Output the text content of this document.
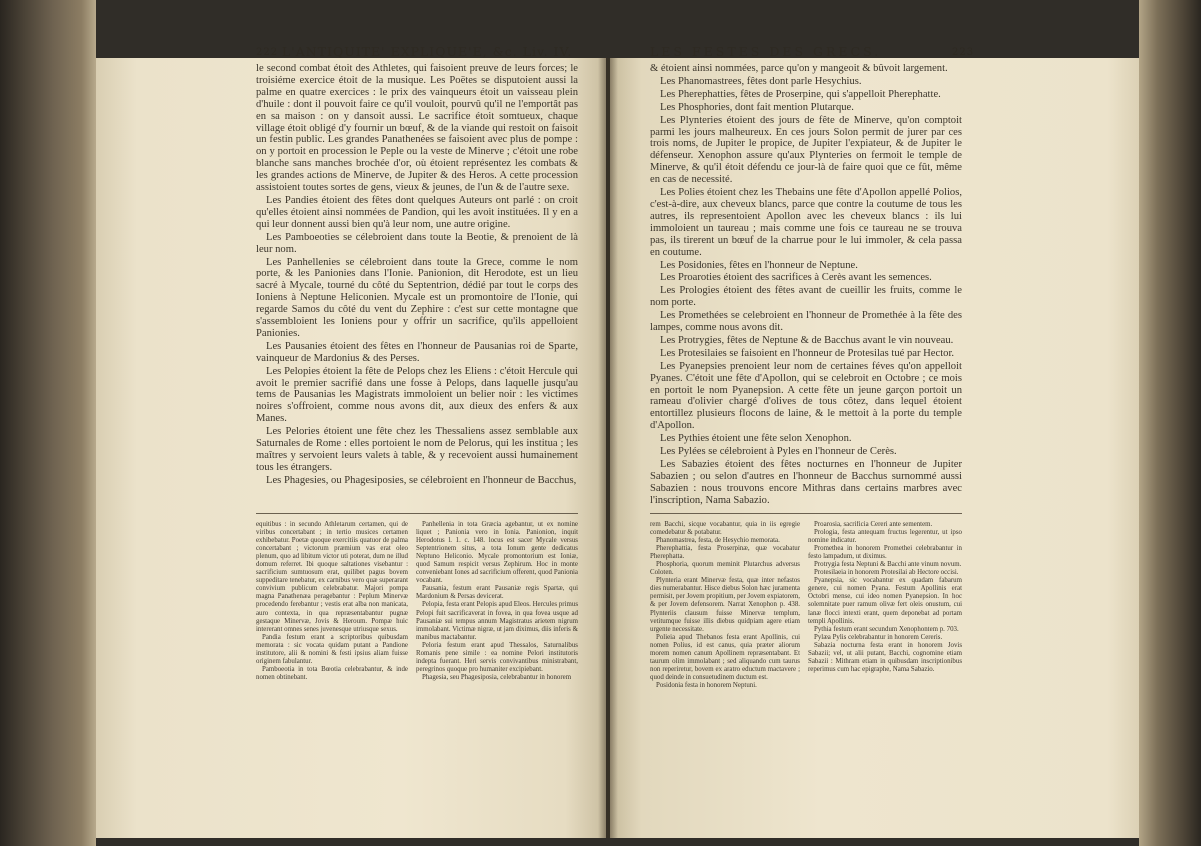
222 L'ANTIQUITE' EXPLIQUE'E, &c. Liv. IV.	LES FESTES DES GRECS.	223

le second combat étoit des Athletes, qui faisoient preuve de leurs forces; le troisiéme exercice étoit de la musique. Les Poëtes se disputoient aussi la palme en quatre exercices : le prix des vainqueurs étoit un vaisseau plein d'huile : dont il pouvoit faire ce qu'il vouloit, pourvû qu'il ne l'emportât pas en sa maison : on y dansoit aussi. Le sacrifice étoit somtueux, chaque village étoit obligé d'y fournir un bœuf, & de la viande qui restoit on faisoit un festin public. Les grandes Panathenées se faisoient avec plus de pompe : on y portoit en procession le Peple ou la veste de Minerve ; c'étoit une robe blanche sans manches brochée d'or, où étoient représentez les combats & les grandes actions de Minerve, de Jupiter & des Heros. A cette procession assistoient toutes sortes de gens, vieux & jeunes, de l'un & de l'autre sexe.

Les Pandies étoient des fêtes dont quelques Auteurs ont parlé : on croit qu'elles étoient ainsi nommées de Pandion, qui les avoit instituées. Il y en a qui leur donnent aussi bien qu'à leur nom, une autre origine.

Les Pamboeoties se célebroient dans toute la Beotie, & prenoient de là leur nom.

Les Panhellenies se célebroient dans toute la Grece, comme le nom porte, & les Panionies dans l'Ionie. Panionion, dit Herodote, est un lieu sacré à Mycale, tourné du côté du Septentrion, dédié par tout le corps des Ioniens à Neptune Heliconien. Mycale est un promontoire de l'Ionie, qui regarde Samos du côté du vent du Zephire : c'est sur cette montagne que s'assembloient les Ioniens pour y offrir un sacrifice, qu'ils appelloient Panionies.

Les Pausanies étoient des fêtes en l'honneur de Pausanias roi de Sparte, vainqueur de Mardonius & des Perses.

Les Pelopies étoient la fête de Pelops chez les Eliens : c'étoit Hercule qui avoit le premier sacrifié dans une fosse à Pelops, dans laquelle jusqu'au tems de Pausanias les Magistrats immoloient un belier noir : les victimes noires s'offroient, comme nous avons dit, aux dieux des enfers & aux Manes.

Les Pelories étoient une fête chez les Thessaliens assez semblable aux Saturnales de Rome : elles portoient le nom de Pelorus, qui les institua ; les maîtres y servoient leurs valets à table, & y recevoient aussi humainement tous les étrangers.

Les Phagesies, ou Phagesiposies, se célebroient en l'honneur de Bacchus,

equitibus : in secundo Athletarum certamen, qui de viribus concertabant ; in tertio musices certamen exhibebatur. Poetæ quoque exercitiis quatuor de palma concertabant ; victorum præmium vas erat oleo plenum, quo ad libitum victor uti poterat, dum ne illud domum referret. Ibi quoque saltationes visebantur : sacrificium sumtuosum erat, quilibet pagus bovem suppeditare tenebatur, ex carnibus vero quæ superarant convivium publicum celebrabatur. Majori pompa magna Panathenæa peragebantur : Peplum Minervæ procedendo ferebantur ; vestis erat alba non manicata, auro contexta, in qua repræsentabantur pugnæ gestaque Minervæ, Jovis & Heroum. Pompæ huic intererant omnes senes juvenesque utriusque sexus.

Pandia festum erant a scriptoribus quibusdam memorata : sic vocata quidam putant a Pandione institutore, alii & nomini & festi ipsius aliam fuisse originem fabulantur.

Pamboeotia in tota Bœotia celebrabantur, & inde nomen obtinebant.

Panhellenia in tota Græcia agebantur, ut ex nomine liquet ; Panionia vero in Ionia. Panionion, inquit Herodotus l. 1. c. 148. locus est sacer Mycale versus Septentrionem situs, a tota Ionum gente dedicatus Neptuno Heliconio. Mycale promontorium est Ioniæ, quod Samum respicit versus Zephirum. Hoc in monte conveniebant Iones ad sacrificium offerent, quod Panionia vocabant.

Pausania, festum erant Pausaniæ regis Spartæ, qui Mardonium & Persas devicerat.

Pelopia, festa erant Pelopis apud Eleos. Hercules primus Pelopi fuit sacrificaverat in fovea, in qua fovea usque ad Pausaniæ sui tempus annum Magistratus arietem nigrum immolabant. Victimæ nigræ, ut jam diximus, diis inferis & manibus mactabantur.

Peloria festum erant apud Thessalos, Saturnalibus Romanis pene simile : ea nomine Pelori institutoris indepta fuerant. Heri servis convivantibus ministrabant, peregrinos quoque pro humaniter excipiebant.

Phagesia, seu Phagesiposia, celebrabantur in honorem

& étoient ainsi nommées, parce qu'on y mangeoit & bûvoit largement.

Les Phanomastrees, fêtes dont parle Hesychius.

Les Pherephatties, fêtes de Proserpine, qui s'appelloit Pherephatte.

Les Phosphories, dont fait mention Plutarque.

Les Plynteries étoient des jours de fête de Minerve, qu'on comptoit parmi les jours malheureux. En ces jours Solon permit de jurer par ces trois noms, de Jupiter le propice, de Jupiter l'expiateur, & de Jupiter le défenseur. Xenophon assure qu'aux Plynteries on fermoit le temple de Minerve, & qu'il étoit défendu ce jour-là de faire quoi que ce fût, même en cas de necessité.

Les Polies étoient chez les Thebains une fête d'Apollon appellé Polios, c'est-à-dire, aux cheveux blancs, parce que contre la coutume de tous les autres, ils representoient Apollon avec les cheveux blancs : ils lui immoloient un taureau ; mais comme une fois ce taureau ne se trouva pas, ils tirerent un bœuf de la charrue pour le lui immoler, & cela passa en coutume.

Les Posidonies, fêtes en l'honneur de Neptune.

Les Proaroties étoient des sacrifices à Cerès avant les semences.

Les Prologies étoient des fêtes avant de cueillir les fruits, comme le nom porte.

Les Promethées se celebroient en l'honneur de Promethée à la fête des lampes, comme nous avons dit.

Les Protrygies, fêtes de Neptune & de Bacchus avant le vin nouveau.

Les Protesilaies se faisoient en l'honneur de Protesilas tué par Hector.

Les Pyanepsies prenoient leur nom de certaines féves qu'on appelloit Pyanes. C'étoit une fête d'Apollon, qui se celebroit en Octobre ; ce mois en portoit le nom Pyanepsion. A cette fête un jeune garçon portoit un rameau d'olivier chargé d'olives de tous côtez, dans lequel étoient entortillez plusieurs flocons de laine, & le mettoit à la porte du temple d'Apollon.

Les Pythies étoient une fête selon Xenophon.

Les Pylées se célebroient à Pyles en l'honneur de Cerès.

Les Sabazies étoient des fêtes nocturnes en l'honneur de Jupiter Sabazien ; ou selon d'autres en l'honneur de Bacchus surnommé aussi Sabazien : nous trouvons encore Mithras dans certains marbres avec l'inscription, Nama Sabazio.

rem Bacchi, sicque vocabantur, quia in iis egregie comedebatur & potabatur.

Phanomastrea, festa, de Hesychio memorata.

Pherephattia, festa Proserpinæ, quæ vocabatur Pherephatta.

Phosphoria, quorum meminit Plutarchus adversus Coloten.

Plynteria erant Minervæ festa, quæ inter nefastos dies numerabantur. Hisce diebus Solon hæc juramenta permisit, per Jovem propitium, per Jovem expiatorem, & per Jovem defensorem. Narrat Xenophon p. 438. Plynteriis clausum fuisse Minervæ templum, vetitumque fuisse illis diebus quidpiam agere etiam urgente necessitate.

Polieia apud Thebanos festa erant Apollinis, cui nomen Polius, id est canus, quia præter aliorum morem nomen canum Apollinem repræsentabant. Et taurum olim immolabant ; sed aliquando cum taurus non reperiretur, bovem ex aratro eductum mactavere ; quod deinde in consuetudinem ductum est.

Posidonia festa in honorem Neptuni.

Proarosia, sacrificia Cereri ante sementem.

Prologia, festa antequam fructus legerentur, ut ipso nomine indicatur.

Promethea in honorem Promethei celebrabantur in festo lampadum, ut diximus.

Protrygia festa Neptuni & Bacchi ante vinum novum.

Protesilaeia in honorem Protesilai ab Hectore occisi.

Pyanepsia, sic vocabantur ex quadam fabarum genere, cui nomen Pyana. Festum Apollinis erat Octobri mense, cui ideo nomen Pyanepsion. In hoc solemnitate puer ramum olivæ fert oleis onustum, cui lanæ flocci intexti erant, quem deponebat ad portam templi Apollinis.

Pythia festum erant secundum Xenophontem p. 703.

Pylæa Pylis celebrabantur in honorem Cereris.

Sabazia nocturna festa erant in honorem Jovis Sabazii; vel, ut alii putant, Bacchi, cognomine etiam Sabazii : Mithram etiam in quibusdam inscriptionibus reperimus cum hac epigraphe, Nama Sabazio.
